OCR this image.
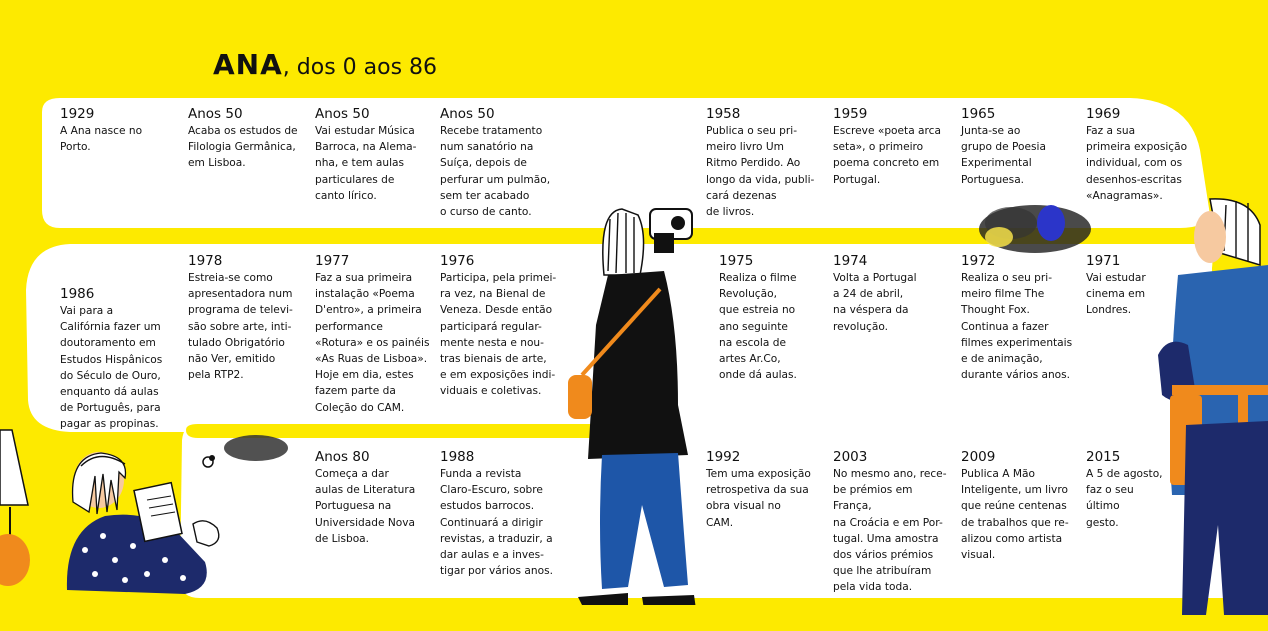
ANA, dos 0 aos 86
1929
A Ana nasce no
Porto.
Anos 50
Acaba os estudos de
Filologia Germânica,
em Lisboa.
Anos 50
Vai estudar Música
Barroca, na Alema-
nha, e tem aulas
particulares de
canto lírico.
Anos 50
Recebe tratamento
num sanatório na
Suíça, depois de
perfurar um pulmão,
sem ter acabado
o curso de canto.
1958
Publica o seu pri-
meiro livro Um
Ritmo Perdido. Ao
longo da vida, publi-
cará dezenas
de livros.
1959
Escreve «poeta arca
seta», o primeiro
poema concreto em
Portugal.
1965
Junta-se ao
grupo de Poesia
Experimental
Portuguesa.
1969
Faz a sua
primeira exposição
individual, com os
desenhos-escritas
«Anagramas».
1971
Vai estudar
cinema em
Londres.
1972
Realiza o seu pri-
meiro filme The
Thought Fox.
Continua a fazer
filmes experimentais
e de animação,
durante vários anos.
1974
Volta a Portugal
a 24 de abril,
na véspera da
revolução.
1975
Realiza o filme
Revolução,
que estreia no
ano seguinte
na escola de
artes Ar.Co,
onde dá aulas.
1976
Participa, pela primei-
ra vez, na Bienal de
Veneza. Desde então
participará regular-
mente nesta e nou-
tras bienais de arte,
e em exposições indi-
viduais e coletivas.
1977
Faz a sua primeira
instalação «Poema
D'entro», a primeira
performance
«Rotura» e os painéis
«As Ruas de Lisboa».
Hoje em dia, estes
fazem parte da
Coleção do CAM.
1978
Estreia-se como
apresentadora num
programa de televi-
são sobre arte, inti-
tulado Obrigatório
não Ver, emitido
pela RTP2.
1986
Vai para a
Califórnia fazer um
doutoramento em
Estudos Hispânicos
do Século de Ouro,
enquanto dá aulas
de Português, para
pagar as propinas.
Anos 80
Começa a dar
aulas de Literatura
Portuguesa na
Universidade Nova
de Lisboa.
1988
Funda a revista
Claro-Escuro, sobre
estudos barrocos.
Continuará a dirigir
revistas, a traduzir, a
dar aulas e a inves-
tigar por vários anos.
1992
Tem uma exposição
retrospetiva da sua
obra visual no
CAM.
2003
No mesmo ano, rece-
be prémios em França,
na Croácia e em Por-
tugal. Uma amostra
dos vários prémios
que lhe atribuíram
pela vida toda.
2009
Publica A Mão
Inteligente, um livro
que reúne centenas
de trabalhos que re-
alizou como artista
visual.
2015
A 5 de agosto,
faz o seu
último
gesto.
